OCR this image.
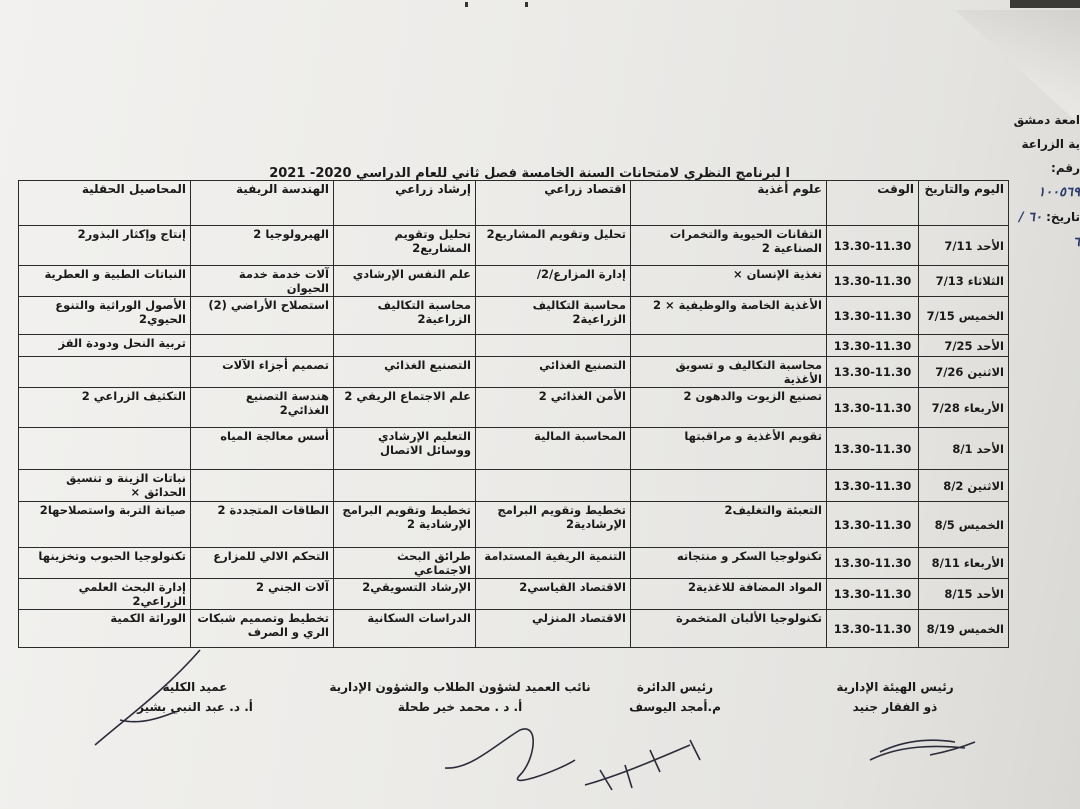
امعة دمشق
ية الزراعة
رقم: ١٠٠٥٦٩
تاريخ: ٦٠ / ٦
ا لبرنامج النظري لامتحانات السنة الخامسة فصل ثاني للعام الدراسي 2020- 2021
اليوم والتاريخ	الوقت	علوم أغذية	اقتصاد زراعي	إرشاد زراعي	الهندسة الريفية	المحاصيل الحقلية
الأحد 7/11	13.30-11.30	التقانات الحيوية والتخمرات الصناعية 2	تحليل وتقويم المشاريع2	تحليل وتقويم المشاريع2	الهيرولوجيا 2	إنتاج وإكثار البذور2
الثلاثاء 7/13	13.30-11.30	تغذية الإنسان ×	إدارة المزارع/2/	علم النفس الإرشادي	آلات خدمة خدمة الحيوان	النباتات الطبية و العطرية
الخميس 7/15	13.30-11.30	الأغذية الخاصة والوظيفية × 2	محاسبة التكاليف الزراعية2	محاسبة التكاليف الزراعية2	استصلاح الأراضي (2)	الأصول الوراثية والتنوع الحيوي2
الأحد 7/25	13.30-11.30					تربية النحل ودودة القز
الاثنين 7/26	13.30-11.30	محاسبة التكاليف و تسويق الأغذية	التصنيع الغذائي	التصنيع الغذائي	تصميم أجزاء الآلات	
الأربعاء 7/28	13.30-11.30	تصنيع الزيوت والدهون 2	الأمن الغذائي 2	علم الاجتماع الريفي 2	هندسة التصنيع الغذائي2	التكثيف الزراعي 2
الأحد 8/1	13.30-11.30	تقويم الأغذية و مراقبتها	المحاسبة المالية	التعليم الإرشادي ووسائل الاتصال	أسس معالجة المياه	
الاثنين 8/2	13.30-11.30					نباتات الزينة و تنسيق الحدائق ×
الخميس 8/5	13.30-11.30	التعبئة والتغليف2	تخطيط وتقويم البرامج الإرشادية2	تخطيط وتقويم البرامج الإرشادية 2	الطاقات المتجددة 2	صيانة التربة واستصلاحها2
الأربعاء 8/11	13.30-11.30	تكنولوجيا السكر و منتجاته	التنمية الريفية المستدامة	طرائق البحث الاجتماعي	التحكم الالي للمزارع	تكنولوجيا الحبوب وتخزينها
الأحد 8/15	13.30-11.30	المواد المضافة للاغذية2	الاقتصاد القياسي2	الإرشاد التسويقي2	آلات الجني 2	إدارة البحث العلمي الزراعي2
الخميس 8/19	13.30-11.30	تكنولوجيا الألبان المتخمرة	الاقتصاد المنزلي	الدراسات السكانية	تخطيط وتصميم شبكات الري و الصرف	الوراثة الكمية
رئيس الهيئة الإدارية
ذو الفقار جنيد
رئيس الدائرة
م.أمجد اليوسف
نائب العميد لشؤون الطلاب والشؤون الإدارية
أ. د . محمد خير طحلة
عميد الكلية
أ. د. عبد النبي بشير
